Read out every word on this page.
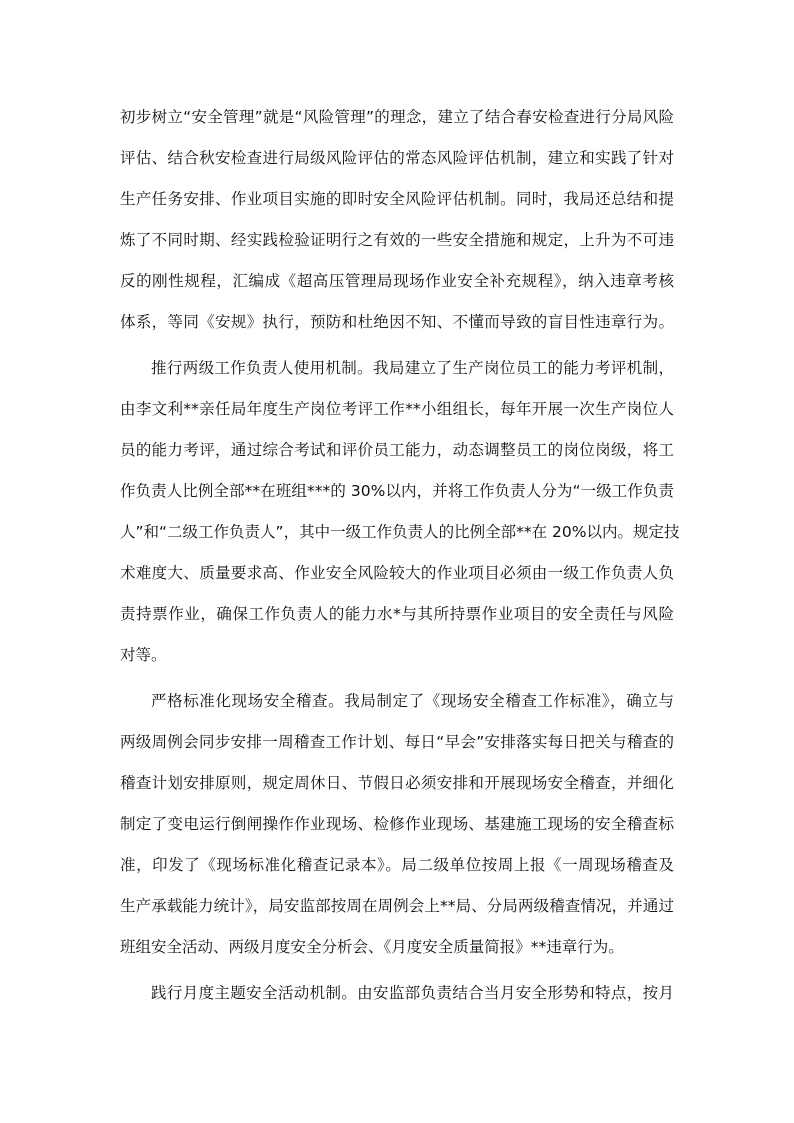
初步树立“安全管理”就是“风险管理”的理念，建立了结合春安检查进行分局风险

评估、结合秋安检查进行局级风险评估的常态风险评估机制，建立和实践了针对

生产任务安排、作业项目实施的即时安全风险评估机制。同时，我局还总结和提

炼了不同时期、经实践检验证明行之有效的一些安全措施和规定，上升为不可违

反的刚性规程，汇编成《超高压管理局现场作业安全补充规程》，纳入违章考核

体系，等同《安规》执行，预防和杜绝因不知、不懂而导致的盲目性违章行为。

推行两级工作负责人使用机制。我局建立了生产岗位员工的能力考评机制，

由李文利**亲任局年度生产岗位考评工作**小组组长，每年开展一次生产岗位人

员的能力考评，通过综合考试和评价员工能力，动态调整员工的岗位岗级，将工

作负责人比例全部**在班组***的 30%以内，并将工作负责人分为“一级工作负责

人”和“二级工作负责人”，其中一级工作负责人的比例全部**在 20%以内。规定技

术难度大、质量要求高、作业安全风险较大的作业项目必须由一级工作负责人负

责持票作业，确保工作负责人的能力水*与其所持票作业项目的安全责任与风险

对等。

严格标准化现场安全稽查。我局制定了《现场安全稽查工作标准》，确立与

两级周例会同步安排一周稽查工作计划、每日“早会”安排落实每日把关与稽查的

稽查计划安排原则，规定周休日、节假日必须安排和开展现场安全稽查，并细化

制定了变电运行倒闸操作作业现场、检修作业现场、基建施工现场的安全稽查标

准，印发了《现场标准化稽查记录本》。局二级单位按周上报《一周现场稽查及

生产承载能力统计》，局安监部按周在周例会上**局、分局两级稽查情况，并通过

班组安全活动、两级月度安全分析会、《月度安全质量简报》**违章行为。

践行月度主题安全活动机制。由安监部负责结合当月安全形势和特点，按月
